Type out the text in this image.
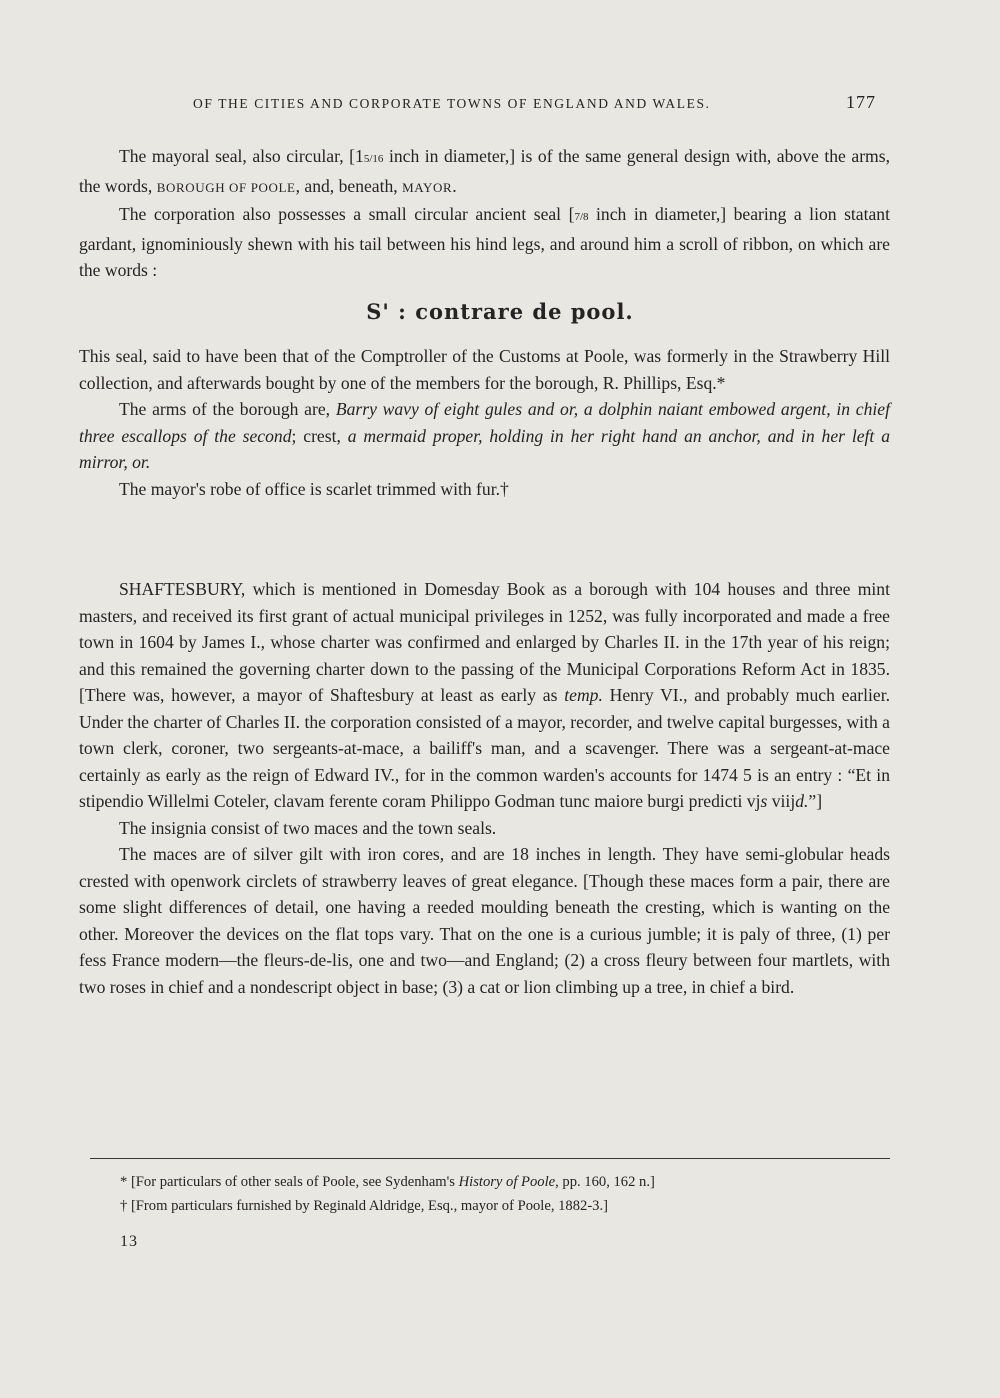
OF THE CITIES AND CORPORATE TOWNS OF ENGLAND AND WALES.	177

The mayoral seal, also circular, [15/16 inch in diameter,] is of the same general design with, above the arms, the words, BOROUGH OF POOLE, and, beneath, MAYOR.

The corporation also possesses a small circular ancient seal [7/8 inch in diameter,] bearing a lion statant gardant, ignominiously shewn with his tail between his hind legs, and around him a scroll of ribbon, on which are the words :

S' : contrare de pool.

This seal, said to have been that of the Comptroller of the Customs at Poole, was formerly in the Strawberry Hill collection, and afterwards bought by one of the members for the borough, R. Phillips, Esq.*

The arms of the borough are, Barry wavy of eight gules and or, a dolphin naiant embowed argent, in chief three escallops of the second; crest, a mermaid proper, holding in her right hand an anchor, and in her left a mirror, or.

The mayor's robe of office is scarlet trimmed with fur.†

SHAFTESBURY, which is mentioned in Domesday Book as a borough with 104 houses and three mint masters, and received its first grant of actual municipal privileges in 1252, was fully incorporated and made a free town in 1604 by James I., whose charter was confirmed and enlarged by Charles II. in the 17th year of his reign; and this remained the governing charter down to the passing of the Municipal Corporations Reform Act in 1835. [There was, however, a mayor of Shaftesbury at least as early as temp. Henry VI., and probably much earlier. Under the charter of Charles II. the corporation consisted of a mayor, recorder, and twelve capital burgesses, with a town clerk, coroner, two sergeants-at-mace, a bailiff's man, and a scavenger. There was a sergeant-at-mace certainly as early as the reign of Edward IV., for in the common warden's accounts for 1474 5 is an entry : “Et in stipendio Willelmi Coteler, clavam ferente coram Philippo Godman tunc maiore burgi predicti vjs viijd.”]

The insignia consist of two maces and the town seals.

The maces are of silver gilt with iron cores, and are 18 inches in length. They have semi-globular heads crested with openwork circlets of strawberry leaves of great elegance. [Though these maces form a pair, there are some slight differences of detail, one having a reeded moulding beneath the cresting, which is wanting on the other. Moreover the devices on the flat tops vary. That on the one is a curious jumble; it is paly of three, (1) per fess France modern—the fleurs-de-lis, one and two—and England; (2) a cross fleury between four martlets, with two roses in chief and a nondescript object in base; (3) a cat or lion climbing up a tree, in chief a bird.

* [For particulars of other seals of Poole, see Sydenham's History of Poole, pp. 160, 162 n.]

† [From particulars furnished by Reginald Aldridge, Esq., mayor of Poole, 1882-3.]

13
